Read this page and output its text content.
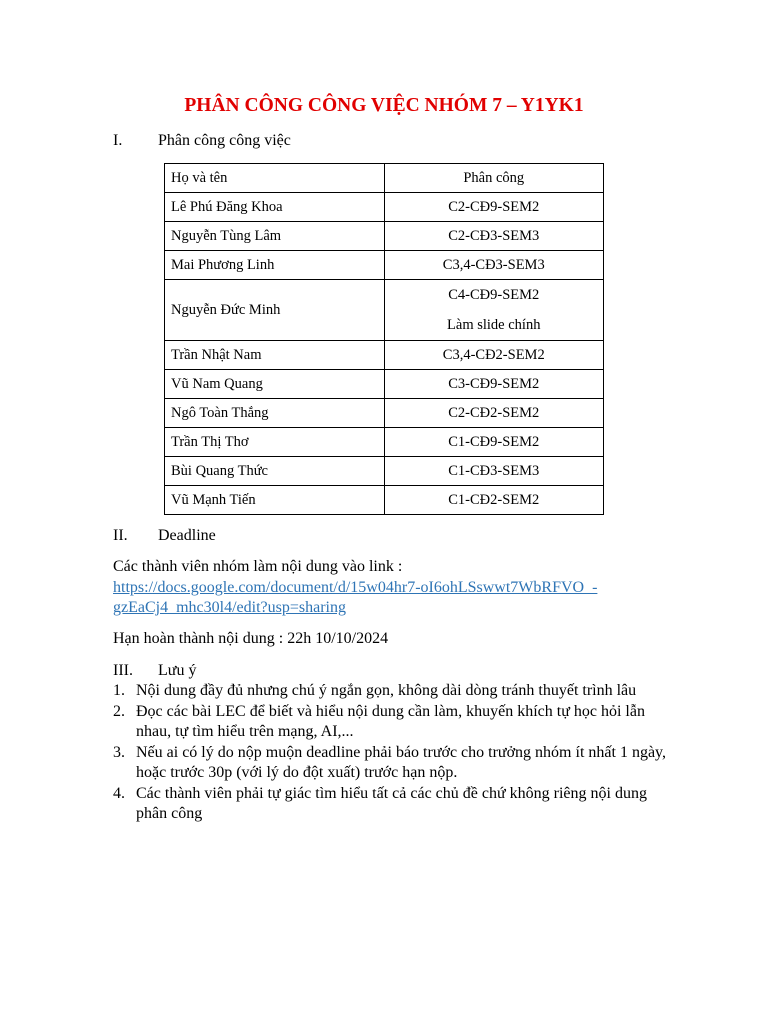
PHÂN CÔNG CÔNG VIỆC NHÓM 7 – Y1YK1
I. Phân công công việc
Họ và tên	Phân công
Lê Phú Đăng Khoa	C2-CĐ9-SEM2
Nguyễn Tùng Lâm	C2-CĐ3-SEM3
Mai Phương Linh	C3,4-CĐ3-SEM3
Nguyễn Đức Minh	C4-CĐ9-SEM2
Làm slide chính

Trần Nhật Nam	C3,4-CĐ2-SEM2
Vũ Nam Quang	C3-CĐ9-SEM2
Ngô Toàn Thắng	C2-CĐ2-SEM2
Trần Thị Thơ	C1-CĐ9-SEM2
Bùi Quang Thức	C1-CĐ3-SEM3
Vũ Mạnh Tiến	C1-CĐ2-SEM2
II. Deadline
Các thành viên nhóm làm nội dung vào link :
https://docs.google.com/document/d/15w04hr7-oI6ohLSswwt7WbRFVO_-
gzEaCj4_mhc30l4/edit?usp=sharing
Hạn hoàn thành nội dung : 22h 10/10/2024
III. Lưu ý
1. Nội dung đầy đủ nhưng chú ý ngắn gọn, không dài dòng tránh thuyết trình lâu
2. Đọc các bài LEC để biết và hiểu nội dung cần làm, khuyến khích tự học hỏi lẫn
nhau, tự tìm hiểu trên mạng, AI,...
3. Nếu ai có lý do nộp muộn deadline phải báo trước cho trưởng nhóm ít nhất 1 ngày,
hoặc trước 30p (với lý do đột xuất) trước hạn nộp.
4. Các thành viên phải tự giác tìm hiểu tất cả các chủ đề chứ không riêng nội dung
phân công
